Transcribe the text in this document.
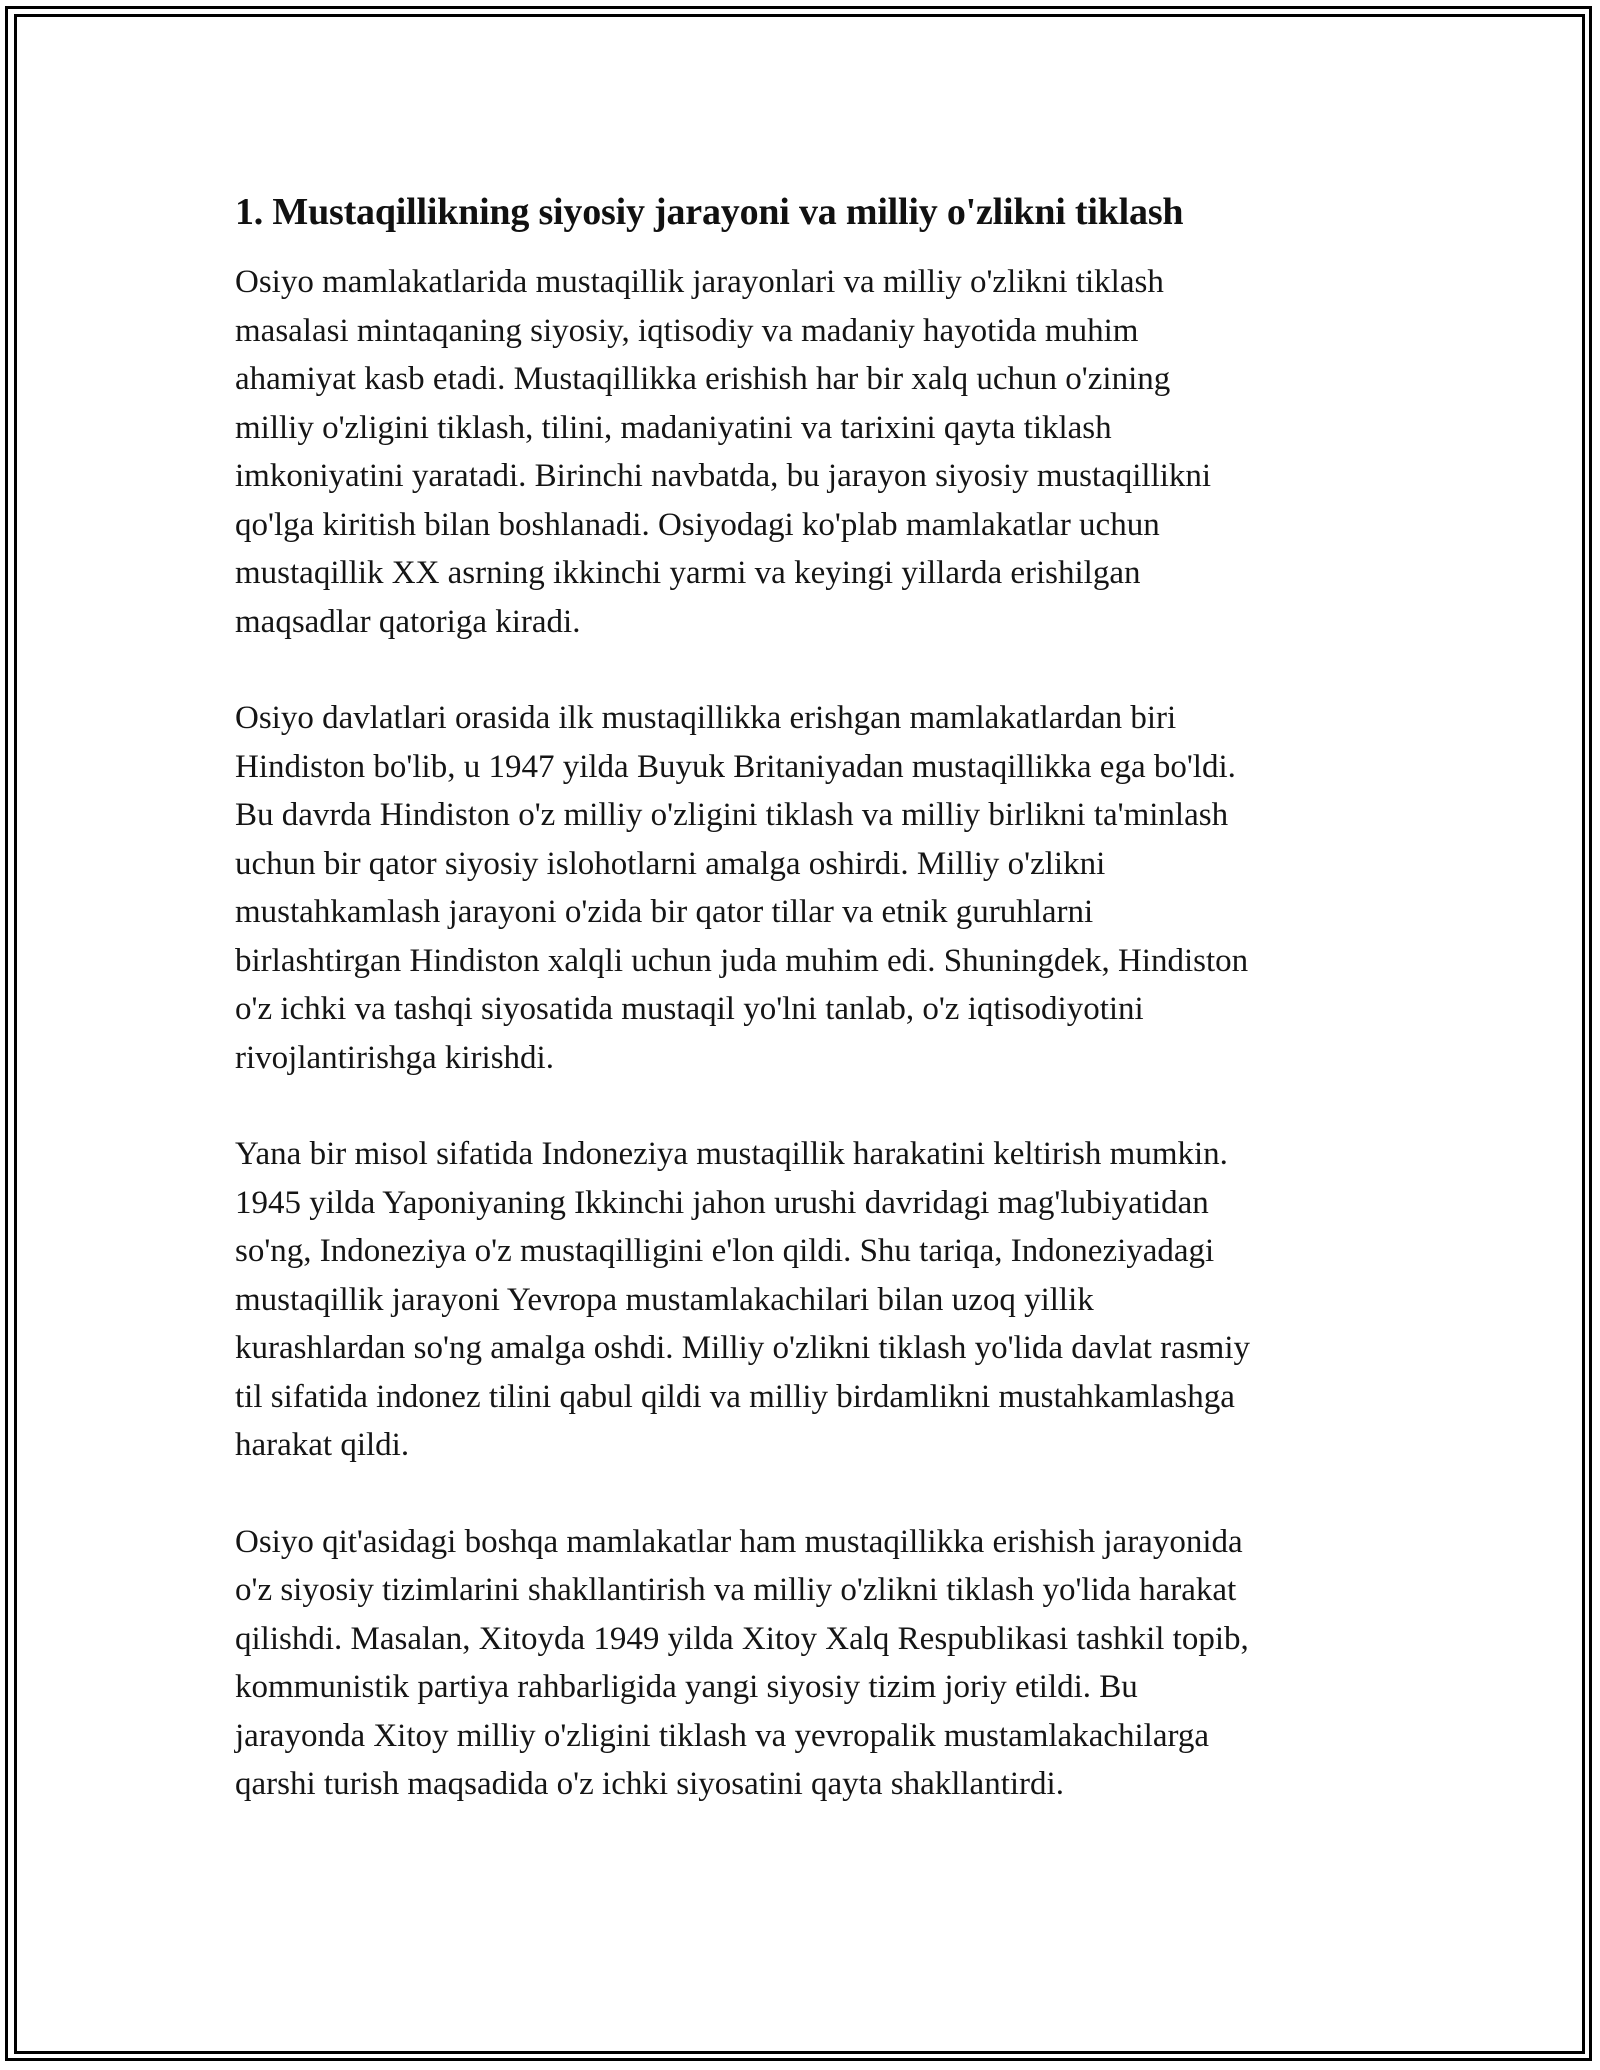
1. Mustaqillikning siyosiy jarayoni va milliy o'zlikni tiklash

Osiyo mamlakatlarida mustaqillik jarayonlari va milliy o'zlikni tiklash
masalasi mintaqaning siyosiy, iqtisodiy va madaniy hayotida muhim
ahamiyat kasb etadi. Mustaqillikka erishish har bir xalq uchun o'zining
milliy o'zligini tiklash, tilini, madaniyatini va tarixini qayta tiklash
imkoniyatini yaratadi. Birinchi navbatda, bu jarayon siyosiy mustaqillikni
qo'lga kiritish bilan boshlanadi. Osiyodagi ko'plab mamlakatlar uchun
mustaqillik XX asrning ikkinchi yarmi va keyingi yillarda erishilgan
maqsadlar qatoriga kiradi.

Osiyo davlatlari orasida ilk mustaqillikka erishgan mamlakatlardan biri
Hindiston bo'lib, u 1947 yilda Buyuk Britaniyadan mustaqillikka ega bo'ldi.
Bu davrda Hindiston o'z milliy o'zligini tiklash va milliy birlikni ta'minlash
uchun bir qator siyosiy islohotlarni amalga oshirdi. Milliy o'zlikni
mustahkamlash jarayoni o'zida bir qator tillar va etnik guruhlarni
birlashtirgan Hindiston xalqli uchun juda muhim edi. Shuningdek, Hindiston
o'z ichki va tashqi siyosatida mustaqil yo'lni tanlab, o'z iqtisodiyotini
rivojlantirishga kirishdi.

Yana bir misol sifatida Indoneziya mustaqillik harakatini keltirish mumkin.
1945 yilda Yaponiyaning Ikkinchi jahon urushi davridagi mag'lubiyatidan
so'ng, Indoneziya o'z mustaqilligini e'lon qildi. Shu tariqa, Indoneziyadagi
mustaqillik jarayoni Yevropa mustamlakachilari bilan uzoq yillik
kurashlardan so'ng amalga oshdi. Milliy o'zlikni tiklash yo'lida davlat rasmiy
til sifatida indonez tilini qabul qildi va milliy birdamlikni mustahkamlashga
harakat qildi.

Osiyo qit'asidagi boshqa mamlakatlar ham mustaqillikka erishish jarayonida
o'z siyosiy tizimlarini shakllantirish va milliy o'zlikni tiklash yo'lida harakat
qilishdi. Masalan, Xitoyda 1949 yilda Xitoy Xalq Respublikasi tashkil topib,
kommunistik partiya rahbarligida yangi siyosiy tizim joriy etildi. Bu
jarayonda Xitoy milliy o'zligini tiklash va yevropalik mustamlakachilarga
qarshi turish maqsadida o'z ichki siyosatini qayta shakllantirdi.
